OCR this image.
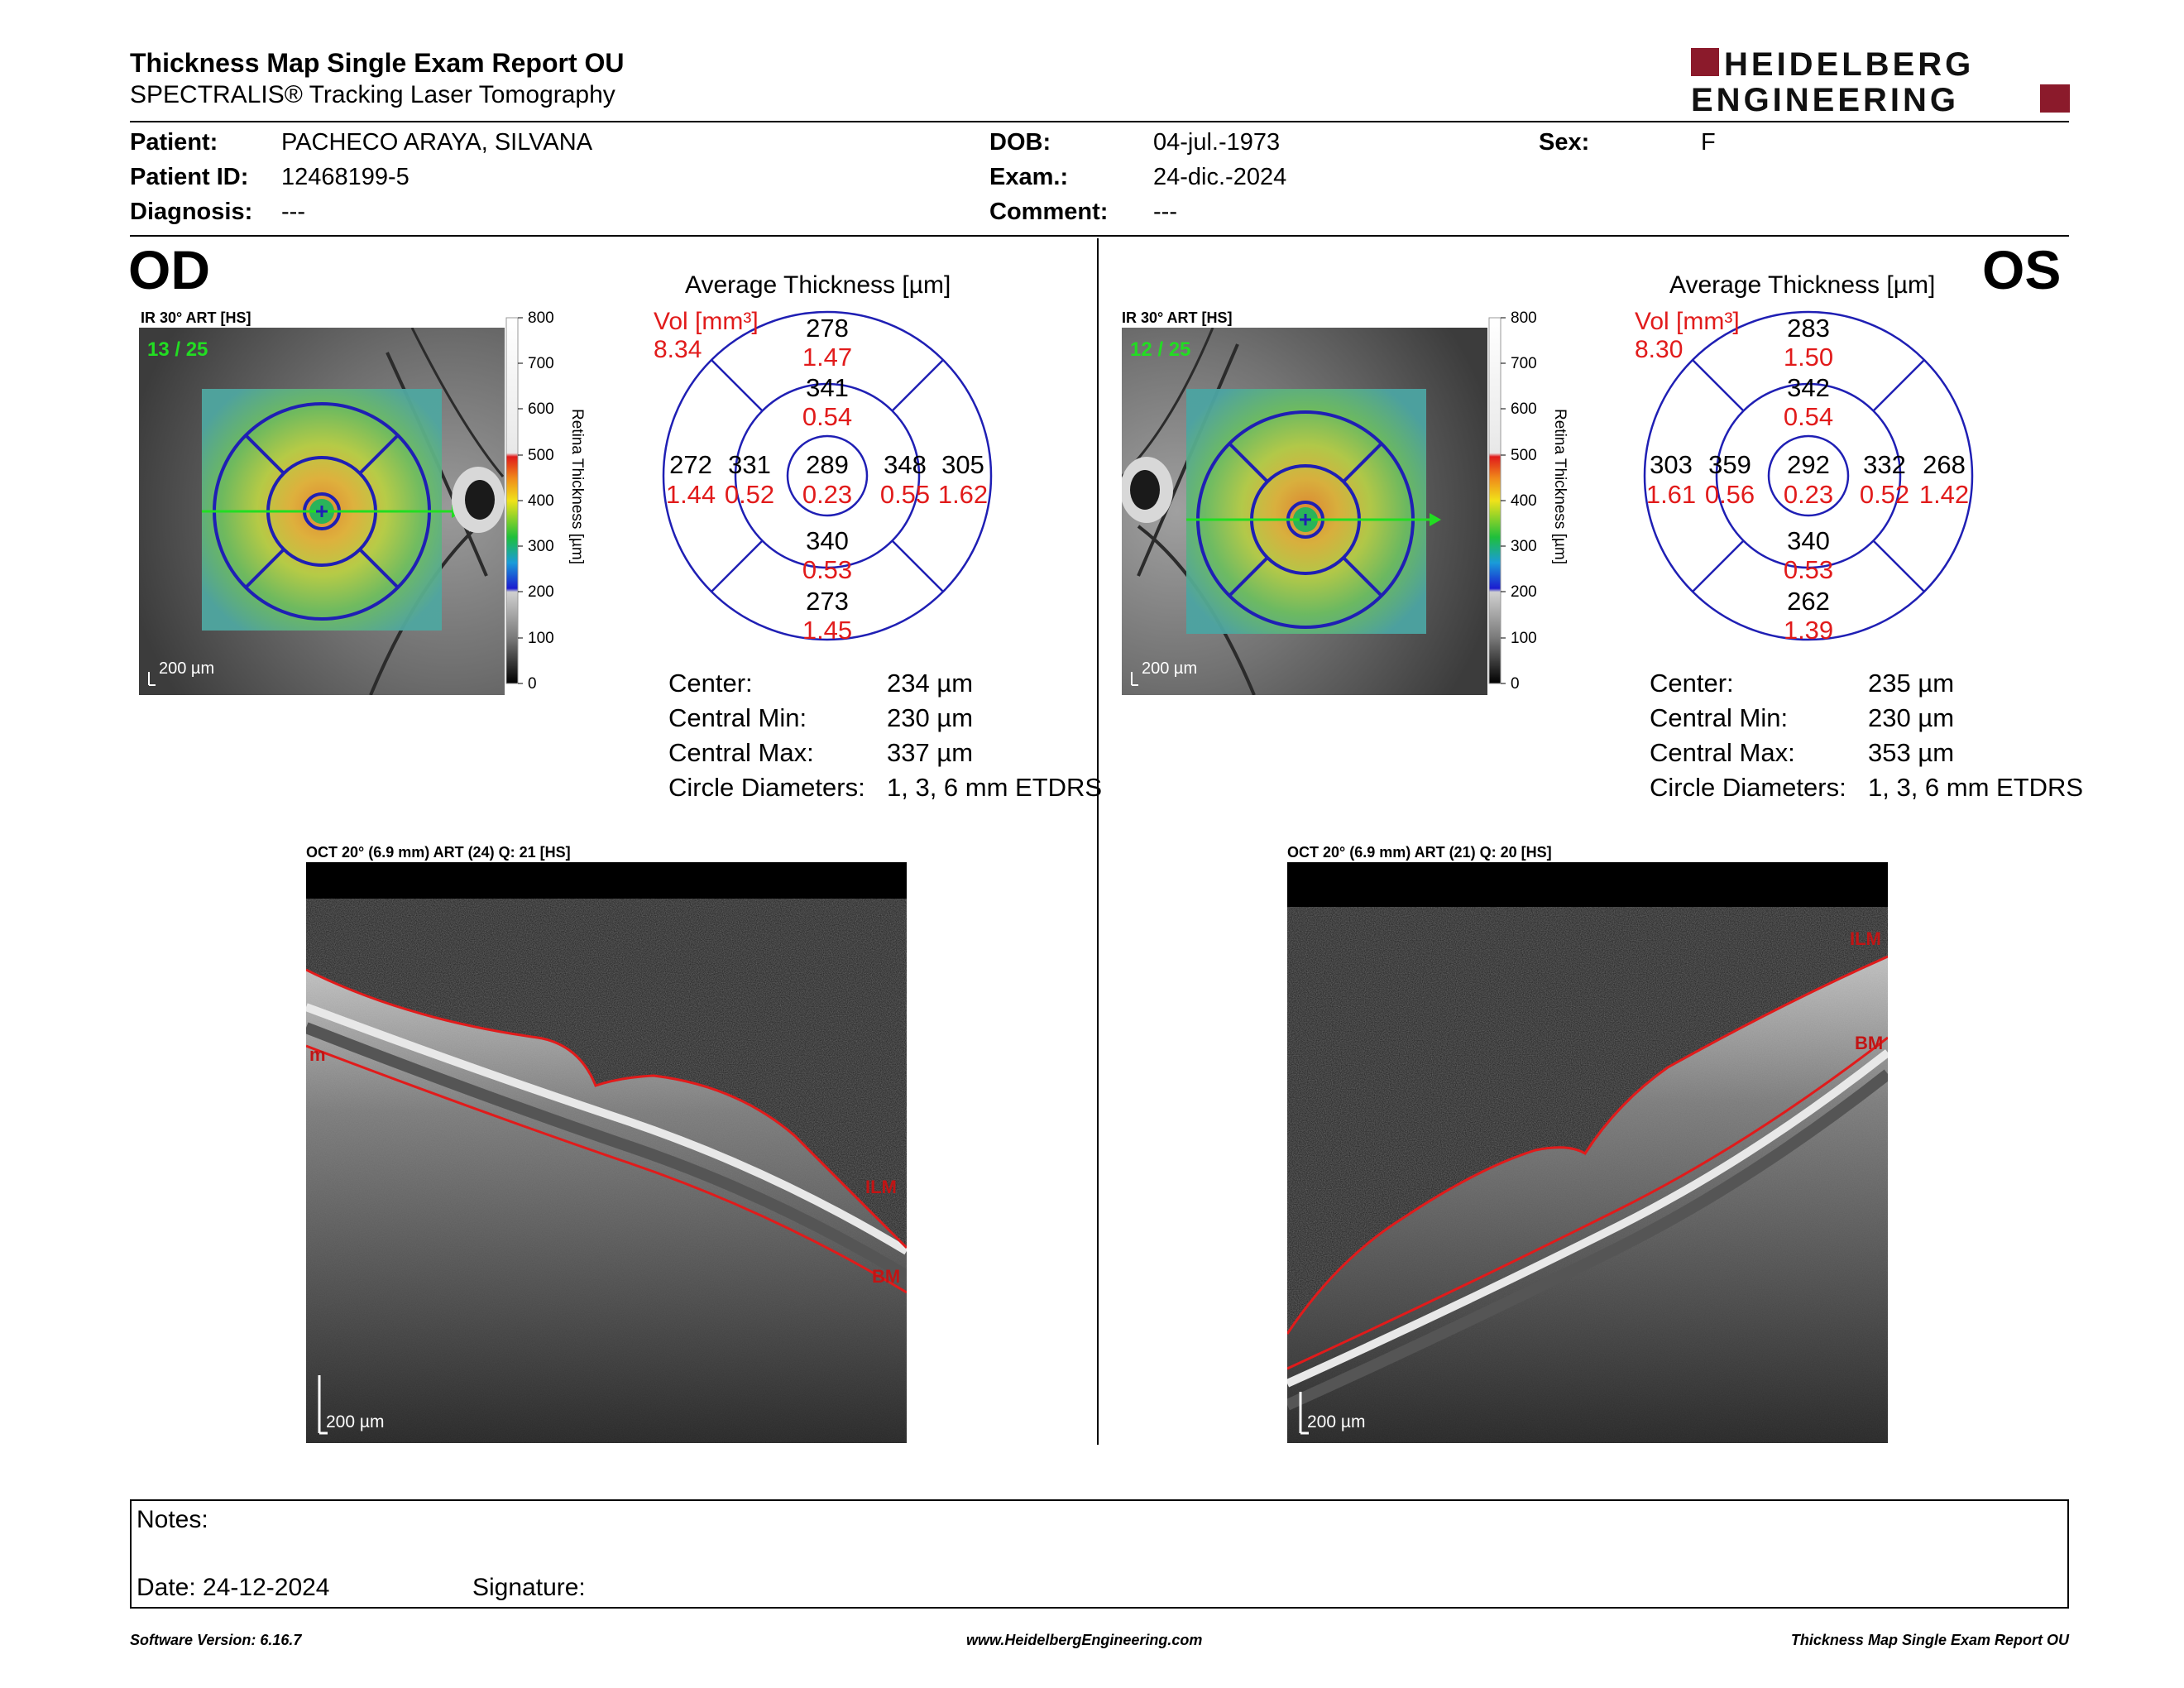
Thickness Map Single Exam Report OU
SPECTRALIS® Tracking Laser Tomography
HEIDELBERG
ENGINEERING
Patient:	PACHECO ARAYA, SILVANA
Patient ID: 12468199-5
Diagnosis: ---
DOB:	04-jul.-1973
Exam.:	24-dic.-2024
Comment: ---
Sex:	F
OD
IR 30° ART [HS]
13 / 25
200 µm
800
700
600
500
400
300
200
100
0
Retina Thickness [µm]
Average Thickness [µm]
278
1.47
341
0.54
272
1.44
331
0.52
289
0.23
348
0.55
305
1.62
340
0.53
273
1.45
Vol [mm³]
8.34
Center:	234 µm
Central Min:	230 µm
Central Max:	337 µm
Circle Diameters: 1, 3, 6 mm ETDRS
OCT 20° (6.9 mm) ART (24) Q: 21 [HS]
m
ILM
BM
200 µm
OS
IR 30° ART [HS]
12 / 25
200 µm
800
700
600
500
400
300
200
100
0
Retina Thickness [µm]
Average Thickness [µm]
283
1.50
342
0.54
303
1.61
359
0.56
292
0.23
332
0.52
268
1.42
340
0.53
262
1.39
Vol [mm³]
8.30
Center:	235 µm
Central Min:	230 µm
Central Max:	353 µm
Circle Diameters: 1, 3, 6 mm ETDRS
OCT 20° (6.9 mm) ART (21) Q: 20 [HS]
ILM
BM
200 µm
Notes:
Date: 24-12-2024	Signature:
Software Version: 6.16.7	www.HeidelbergEngineering.com	Thickness Map Single Exam Report OU
